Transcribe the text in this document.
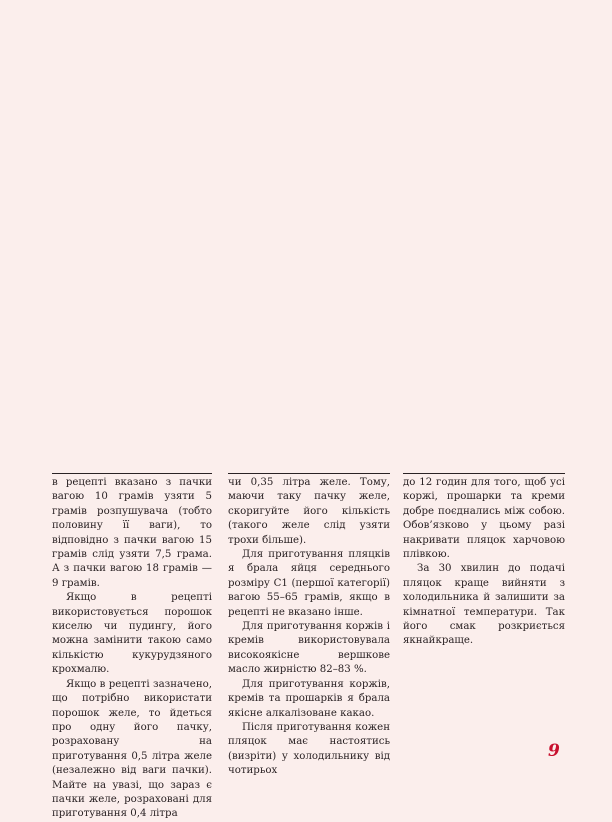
в рецепті вказано з пачки вагою 10 грамів узяти 5 грамів розпушувача (тобто половину її ваги), то відповідно з пачки вагою 15 грамів слід узяти 7,5 грама. А з пачки вагою 18 грамів — 9 грамів.

Якщо в рецепті використовується порошок киселю чи пудингу, його можна замінити такою само кількістю кукурудзяного крохмалю.

Якщо в рецепті зазначено, що потрібно використати порошок желе, то йдеться про одну його пачку, розраховану на приготування 0,5 літра желе (незалежно від ваги пачки). Майте на увазі, що зараз є пачки желе, розраховані для приготування 0,4 літра

чи 0,35 літра желе. Тому, маючи таку пачку желе, скоригуйте його кількість (такого желе слід узяти трохи більше).

Для приготування пляцків я брала яйця середнього розміру C1 (першої категорії) вагою 55–65 грамів, якщо в рецепті не вказано інше.

Для приготування коржів і кремів використовувала високоякісне вершкове масло жирністю 82–83 %.

Для приготування коржів, кремів та прошарків я брала якісне алкалізоване какао.

Після приготування кожен пляцок має настоятись (визріти) у холодильнику від чотирьох

до 12 годин для того, щоб усі коржі, прошарки та креми добре поєднались між собою. Обов’язково у цьому разі накривати пляцок харчовою плівкою.

За 30 хвилин до подачі пляцок краще вийняти з холодильника й залишити за кімнатної температури. Так його смак розкриється якнайкраще.

9
